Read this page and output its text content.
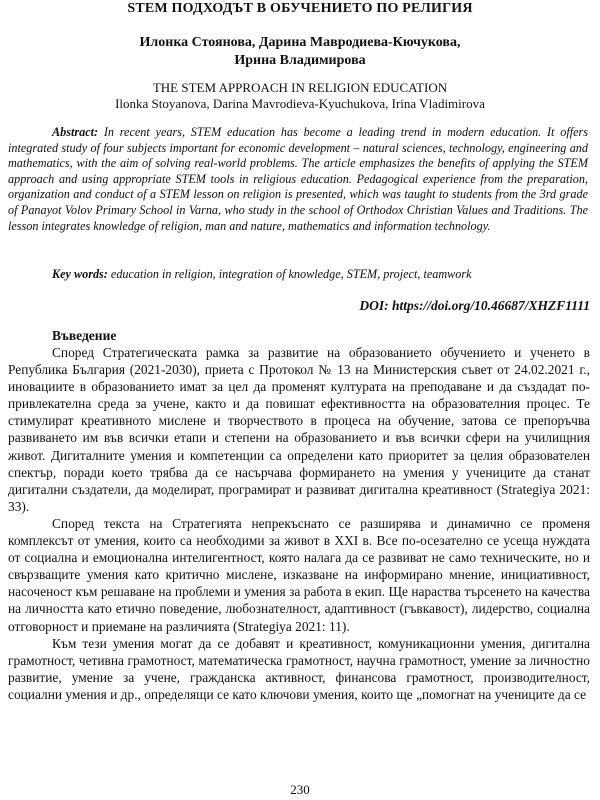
STEM ПОДХОДЪТ В ОБУЧЕНИЕТО ПО РЕЛИГИЯ
Илонка Стоянова, Дарина Мавродиева-Кючукова,
Ирина Владимирова
THE STEM APPROACH IN RELIGION EDUCATION
Ilonka Stoyanova, Darina Mavrodieva-Kyuchukova, Irina Vladimirova

Abstract: In recent years, STEM education has become a leading trend in modern education. It offers integrated study of four subjects important for economic development – natural sciences, technology, engineering and mathematics, with the aim of solving real-world problems. The article emphasizes the benefits of applying the STEM approach and using appropriate STEM tools in religious education. Pedagogical experience from the preparation, organization and conduct of a STEM lesson on religion is presented, which was taught to students from the 3rd grade of Panayot Volov Primary School in Varna, who study in the school of Orthodox Christian Values and Traditions. The lesson integrates knowledge of religion, man and nature, mathematics and information technology.

Key words: education in religion, integration of knowledge, STEM, project, teamwork

DOI: https://doi.org/10.46687/XHZF1111
Въведение

Според Стратегическата рамка за развитие на образованието обучението и ученето в Република България (2021-2030), приета с Протокол № 13 на Министерския съвет от 24.02.2021 г., иновациите в образованието имат за цел да променят културата на преподаване и да създадат по-привлекателна среда за учене, както и да повишат ефективността на образователния процес. Те стимулират креативното мислене и творчеството в процеса на обучение, затова се препоръчва развиването им във всички етапи и степени на образованието и във всички сфери на училищния живот. Дигиталните умения и компетенции са определени като приоритет за целия образователен спектър, поради което трябва да се насърчава формирането на умения у учениците да станат дигитални създатели, да моделират, програмират и развиват дигитална креативност (Strategiya 2021: 33).

Според текста на Стратегията непрекъснато се разширява и динамично се променя комплексът от умения, които са необходими за живот в XXI в. Все по-осезателно се усеща нуждата от социална и емоционална интелигентност, която налага да се развиват не само техническите, но и свързващите умения като критично мислене, изказване на информирано мнение, инициативност, насоченост към решаване на проблеми и умения за работа в екип. Ще нараства търсенето на качества на личността като етично поведение, любознателност, адаптивност (гъвкавост), лидерство, социална отговорност и приемане на различията (Strategiya 2021: 11).

Към тези умения могат да се добавят и креативност, комуникационни умения, дигитална грамотност, четивна грамотност, математическа грамотност, научна грамотност, умение за личностно развитие, умение за учене, гражданска активност, финансова грамотност, производителност, социални умения и др., определящи се като ключови умения, които ще „помогнат на учениците да се

230
